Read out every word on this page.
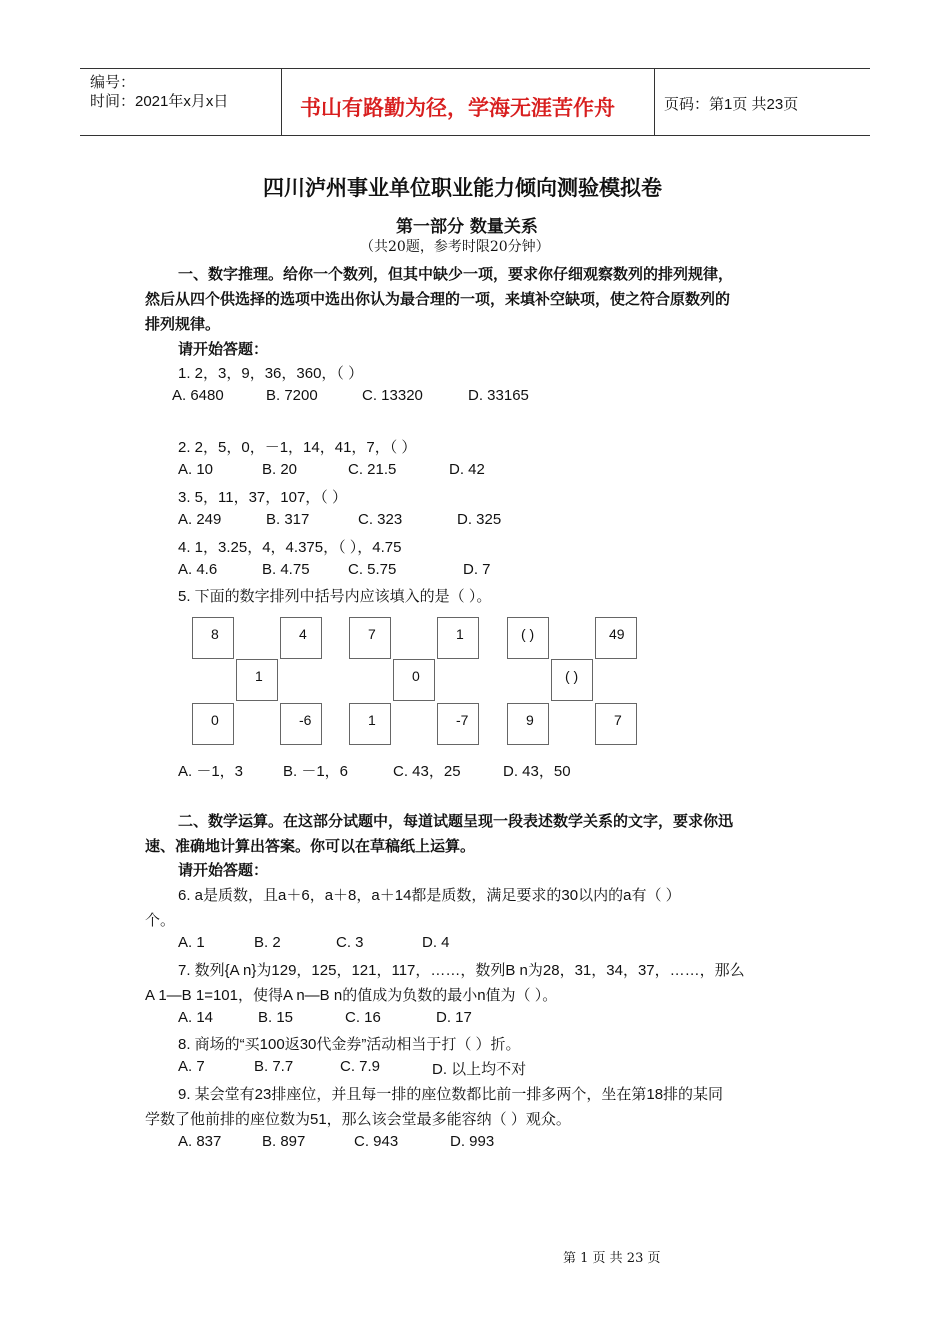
编号：
时间：2021年x月x日	书山有路勤为径，学海无涯苦作舟	页码：第1页 共23页
四川泸州事业单位职业能力倾向测验模拟卷
第一部分 数量关系
（共20题，参考时限20分钟）
一、数字推理。给你一个数列，但其中缺少一项，要求你仔细观察数列的排列规律，
然后从四个供选择的选项中选出你认为最合理的一项，来填补空缺项，使之符合原数列的
排列规律。
请开始答题：
1. 2，3，9，36，360，（ ）
A. 6480	B. 7200	C. 13320	D. 33165
2. 2，5，0，－1，14，41，7，（ ）
A. 10	B. 20	C. 21.5	D. 42
3. 5，11，37，107，（ ）
A. 249	B. 317	C. 323	D. 325
4. 1，3.25，4，4.375，（ ），4.75
A. 4.6	B. 4.75	C. 5.75	D. 7
5. 下面的数字排列中括号内应该填入的是（ ）。
8	4
1
0	-6
7	1
0
1	-7
( )	49
( )
9	7
A. －1，3	B. －1，6	C. 43，25	D. 43，50
二、数学运算。在这部分试题中，每道试题呈现一段表述数学关系的文字，要求你迅
速、准确地计算出答案。你可以在草稿纸上运算。
请开始答题：
6. a是质数，且a＋6，a＋8，a＋14都是质数，满足要求的30以内的a有（ ）
个。
A. 1	B. 2	C. 3	D. 4
7. 数列{A n}为129，125，121，117，……，数列B n为28，31，34，37，……，那么
A 1—B 1=101，使得A n—B n的值成为负数的最小n值为（ ）。
A. 14	B. 15	C. 16	D. 17
8. 商场的“买100返30代金券”活动相当于打（ ）折。
A. 7	B. 7.7	C. 7.9	D. 以上均不对
9. 某会堂有23排座位，并且每一排的座位数都比前一排多两个，坐在第18排的某同
学数了他前排的座位数为51，那么该会堂最多能容纳（ ）观众。
A. 837	B. 897	C. 943	D. 993
第 1 页 共 23 页
